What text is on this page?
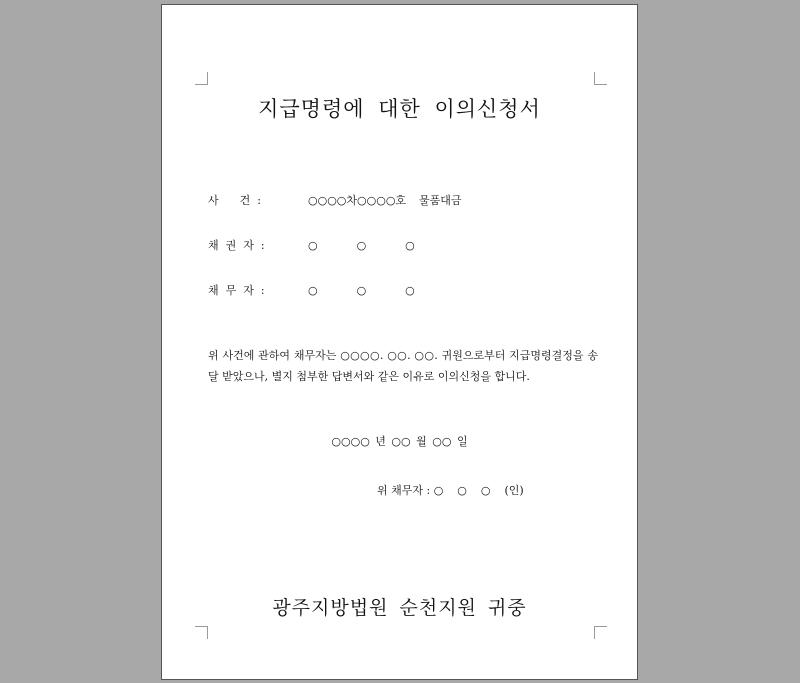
지급명령에 대한 이의신청서
사      건  :	○○○○차○○○○호  물품대금
채  권  자  :	○      ○      ○
채  무  자  :	○      ○      ○
위 사건에 관하여 채무자는 ○○○○. ○○. ○○. 귀원으로부터 지급명령결정을 송달 받았으나, 별지 첨부한 답변서와 같은 이유로 이의신청을 합니다.
○○○○ 년 ○○ 월 ○○ 일
위 채무자 : ○    ○    ○    (인)
광주지방법원 순천지원 귀중
